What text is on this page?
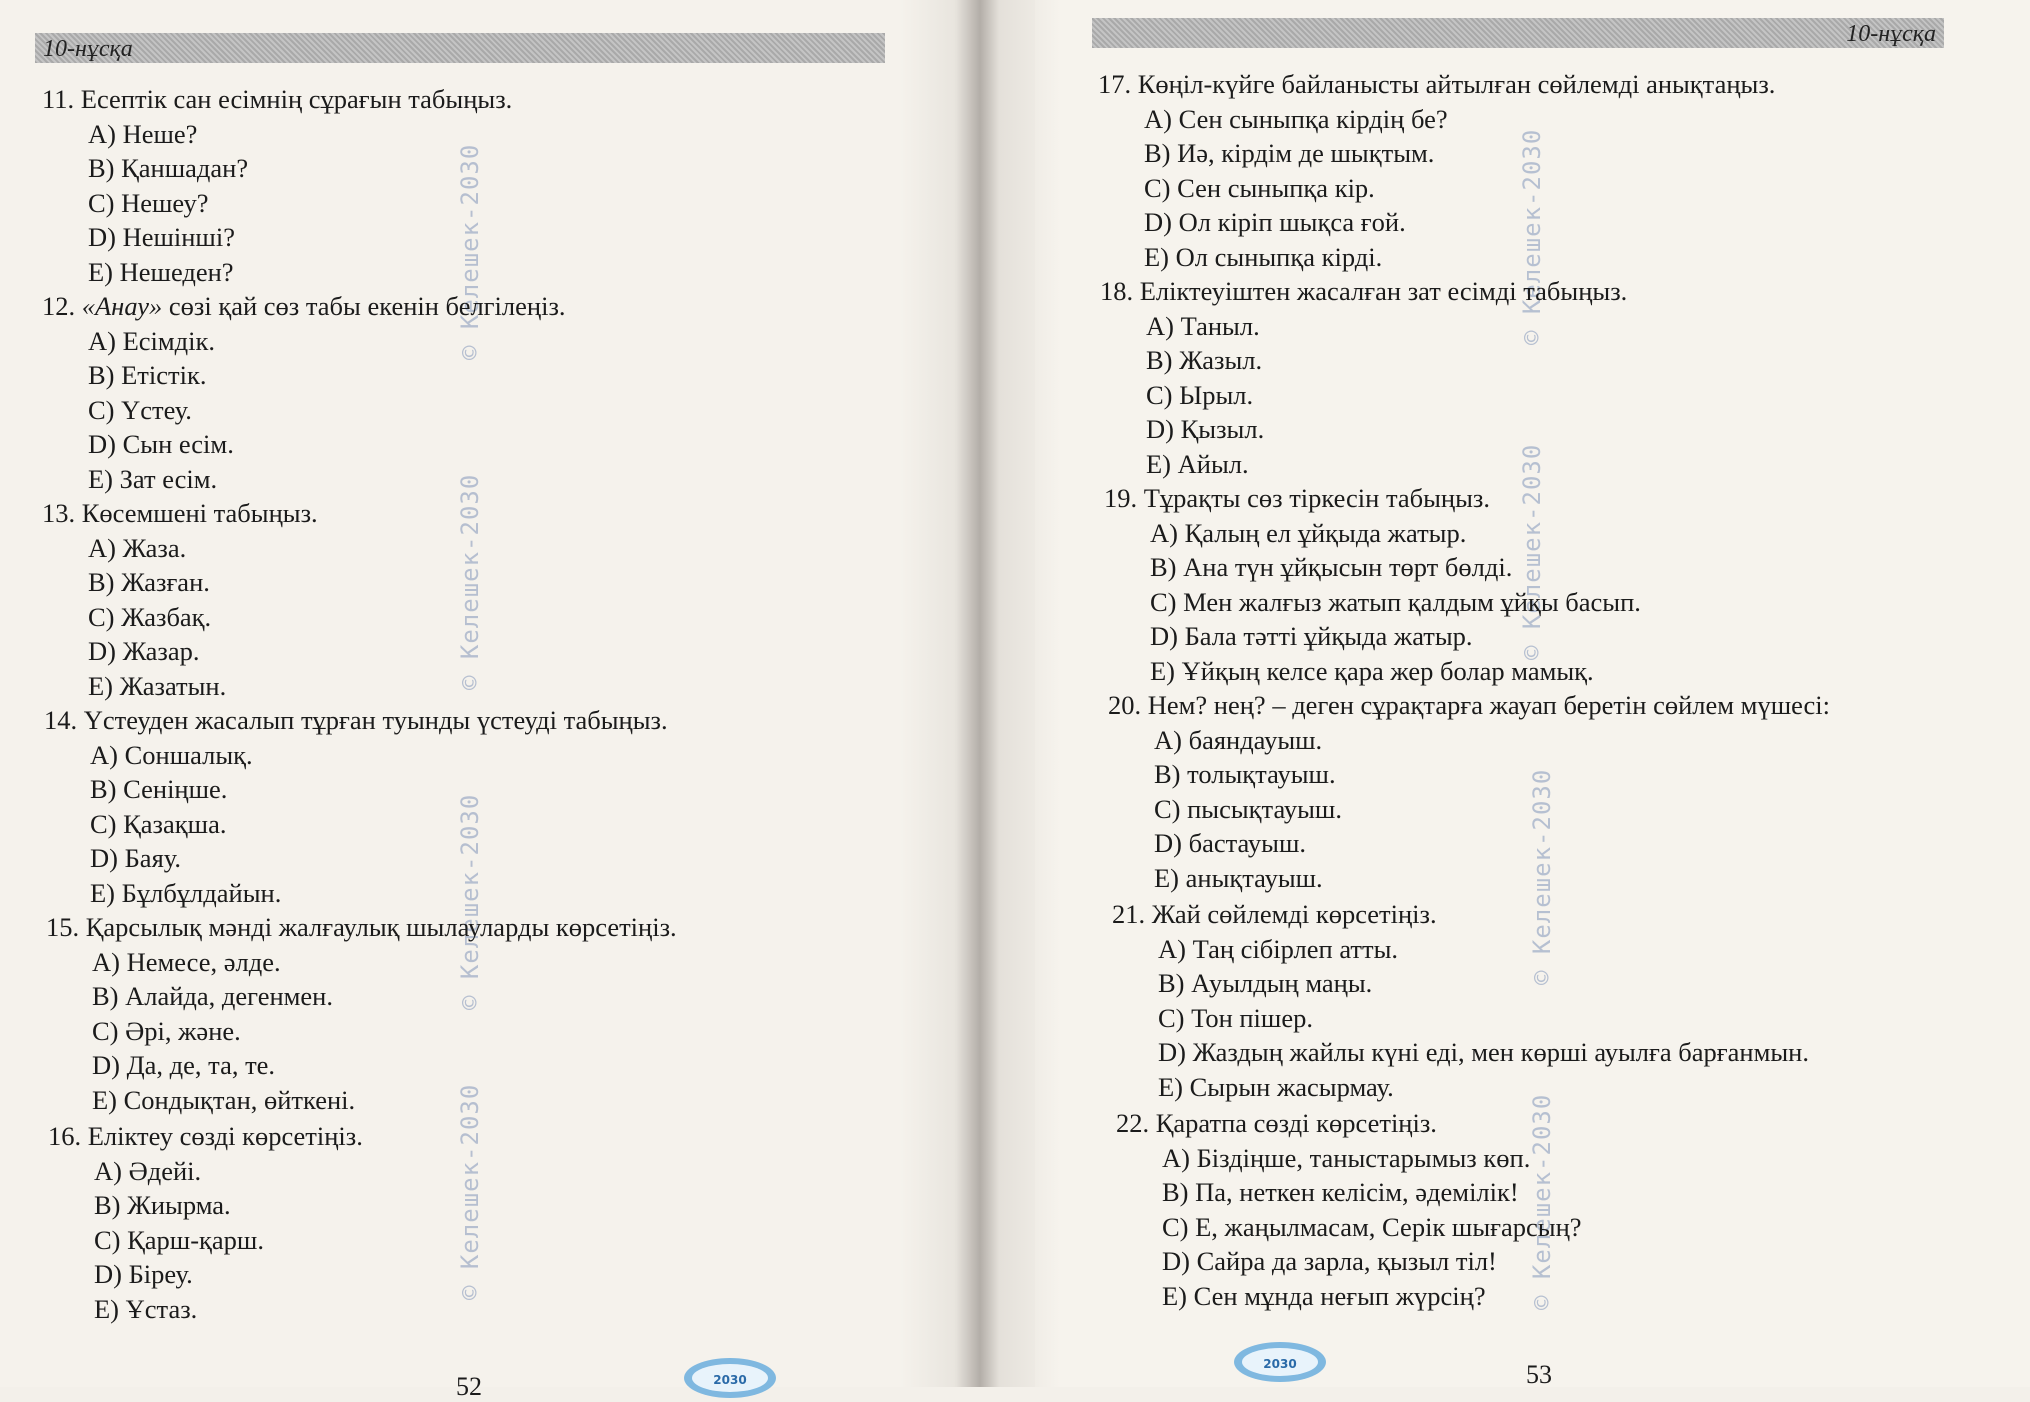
10-нұсқа
10-нұсқа
© Келешек-2030
© Келешек-2030
© Келешек-2030
© Келешек-2030
© Келешек-2030
© Келешек-2030
© Келешек-2030
© Келешек-2030
11. Есептік сан есімнің сұрағын табыңыз.
A) Неше?
B) Қаншадан?
C) Нешеу?
D) Нешінші?
E) Нешеден?
12. «Анау» сөзі қай сөз табы екенін белгілеңіз.
A) Есімдік.
B) Етістік.
C) Үстеу.
D) Сын есім.
E) Зат есім.
13. Көсемшені табыңыз.
A) Жаза.
B) Жазған.
C) Жазбақ.
D) Жазар.
E) Жазатын.
14. Үстеуден жасалып тұрған туынды үстеуді табыңыз.
A) Соншалық.
B) Сенiңше.
C) Қазақша.
D) Баяу.
E) Бұлбұлдайын.
15. Қарсылық мәнді жалғаулық шылауларды көрсетіңіз.
A) Немесе, әлде.
B) Алайда, дегенмен.
C) Әрі, және.
D) Да, де, та, те.
E) Сондықтан, өйткені.
16. Еліктеу сөзді көрсетіңіз.
A) Әдейі.
B) Жиырма.
C) Қарш-қарш.
D) Біреу.
E) Ұстаз.
17. Көңіл-күйге байланысты айтылған сөйлемді анықтаңыз.
A) Сен сыныпқа кірдің бе?
B) Иә, кірдім де шықтым.
C) Сен сыныпқа кір.
D) Ол кіріп шықса ғой.
E) Ол сыныпқа кірді.
18. Еліктеуіштен жасалған зат есімді табыңыз.
A) Таныл.
B) Жазыл.
C) Ырыл.
D) Қызыл.
E) Айыл.
19. Тұрақты сөз тіркесін табыңыз.
A) Қалың ел ұйқыда жатыр.
B) Ана түн ұйқысын төрт бөлді.
C) Мен жалғыз жатып қалдым ұйқы басып.
D) Бала тәтті ұйқыда жатыр.
E) Ұйқың келсе қара жер болар мамық.
20. Нем? нең? – деген сұрақтарға жауап беретін сөйлем мүшесі:
A) баяндауыш.
B) толықтауыш.
C) пысықтауыш.
D) бастауыш.
E) анықтауыш.
21. Жай сөйлемді көрсетіңіз.
A) Таң сібірлеп атты.
B) Ауылдың маңы.
C) Тон пішер.
D) Жаздың жайлы күні еді, мен көрші ауылға барғанмын.
E) Сырын жасырмау.
22. Қаратпа сөзді көрсетіңіз.
A) Біздіңше, таныстарымыз көп.
B) Па, неткен келісім, әдемілік!
C) Е, жаңылмасам, Серік шығарсың?
D) Сайра да зарла, қызыл тіл!
E) Сен мұнда неғып жүрсің?
52	53
2030
2030
